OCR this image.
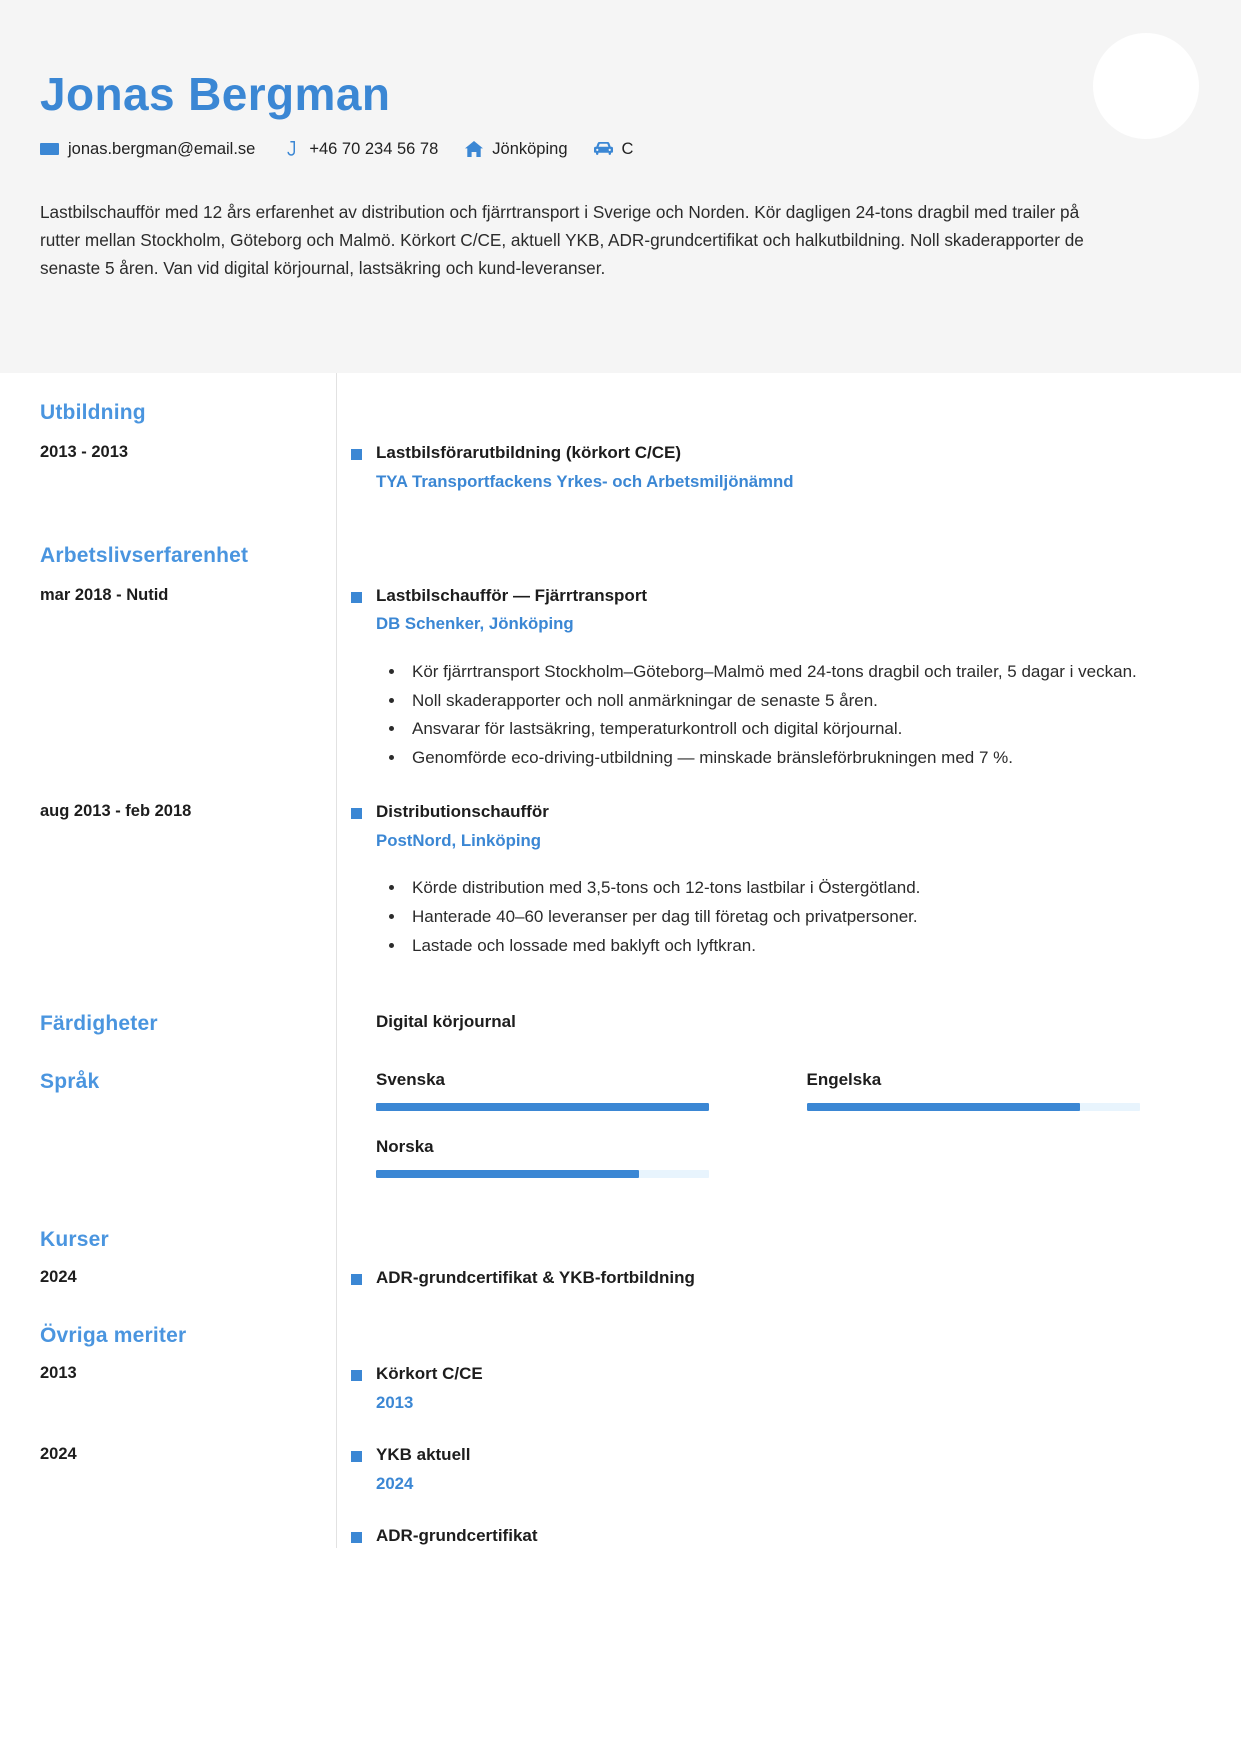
Jonas Bergman
jonas.bergman@email.se	+46 70 234 56 78	Jönköping	C
Lastbilschaufför med 12 års erfarenhet av distribution och fjärrtransport i Sverige och Norden. Kör dagligen 24-tons dragbil med trailer på rutter mellan Stockholm, Göteborg och Malmö. Körkort C/CE, aktuell YKB, ADR-grundcertifikat och halkutbildning. Noll skaderapporter de senaste 5 åren. Van vid digital körjournal, lastsäkring och kund-leveranser.
Utbildning
2013 - 2013	Lastbilsförarutbildning (körkort C/CE)
TYA Transportfackens Yrkes- och Arbetsmiljönämnd
Arbetslivserfarenhet
mar 2018 - Nutid	Lastbilschaufför — Fjärrtransport
DB Schenker, Jönköping
• Kör fjärrtransport Stockholm–Göteborg–Malmö med 24-tons dragbil och trailer, 5 dagar i veckan.
• Noll skaderapporter och noll anmärkningar de senaste 5 åren.
• Ansvarar för lastsäkring, temperaturkontroll och digital körjournal.
• Genomförde eco-driving-utbildning — minskade bränsleförbrukningen med 7 %.
aug 2013 - feb 2018	Distributionschaufför
PostNord, Linköping
• Körde distribution med 3,5-tons och 12-tons lastbilar i Östergötland.
• Hanterade 40–60 leveranser per dag till företag och privatpersoner.
• Lastade och lossade med baklyft och lyftkran.
Färdigheter	Digital körjournal
Språk	Svenska	Engelska
Norska
Kurser
2024	ADR-grundcertifikat & YKB-fortbildning
Övriga meriter
2013	Körkort C/CE
2013
2024	YKB aktuell
2024
ADR-grundcertifikat
